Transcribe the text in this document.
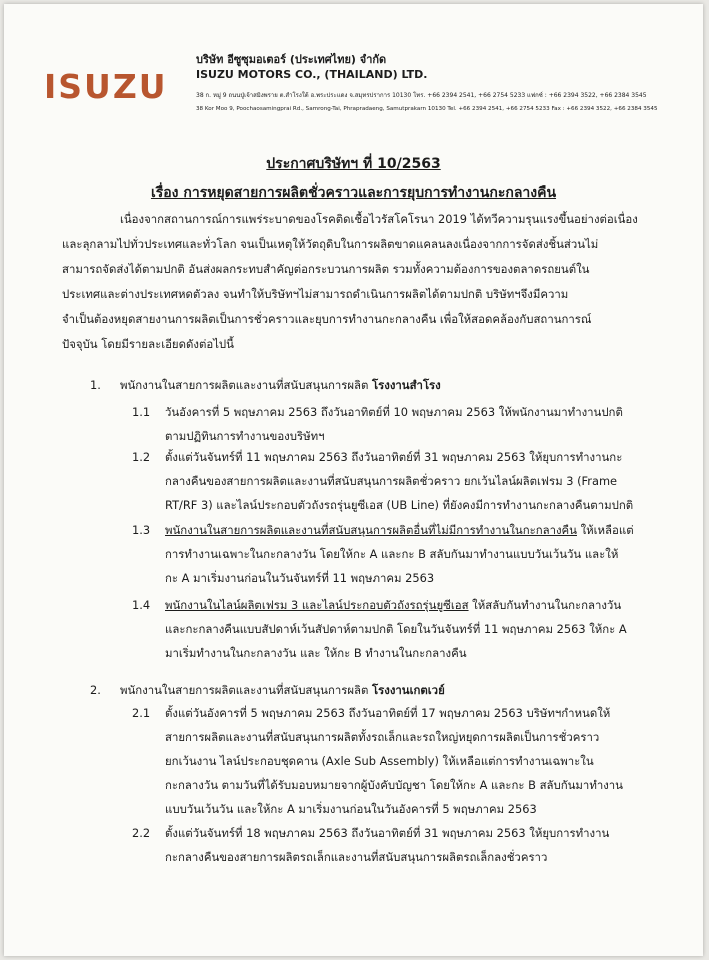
ISUZU
บริษัท อีซูซุมอเตอร์ (ประเทศไทย) จำกัด
ISUZU MOTORS CO., (THAILAND) LTD.
38 ก. หมู่ 9 ถนนปู่เจ้าสมิงพราย ต.สำโรงใต้ อ.พระประแดง จ.สมุทรปราการ 10130 โทร. +66 2394 2541, +66 2754 5233 แฟกซ์ : +66 2394 3522, +66 2384 3545
38 Kor Moo 9, Poochaosamingprai Rd., Samrong-Tai, Phrapradaeng, Samutprakarn 10130 Tel. +66 2394 2541, +66 2754 5233 Fax : +66 2394 3522, +66 2384 3545
ประกาศบริษัทฯ ที่ 10/2563
เรื่อง การหยุดสายการผลิตชั่วคราวและการยุบการทำงานกะกลางคืน
เนื่องจากสถานการณ์การแพร่ระบาดของโรคติดเชื้อไวรัสโคโรนา 2019 ได้ทวีความรุนแรงขึ้นอย่างต่อเนื่อง
และลุกลามไปทั่วประเทศและทั่วโลก จนเป็นเหตุให้วัตถุดิบในการผลิตขาดแคลนลงเนื่องจากการจัดส่งชิ้นส่วนไม่
สามารถจัดส่งได้ตามปกติ อันส่งผลกระทบสำคัญต่อกระบวนการผลิต รวมทั้งความต้องการของตลาดรถยนต์ใน
ประเทศและต่างประเทศหดตัวลง จนทำให้บริษัทฯไม่สามารถดำเนินการผลิตได้ตามปกติ บริษัทฯจึงมีความ
จำเป็นต้องหยุดสายงานการผลิตเป็นการชั่วคราวและยุบการทำงานกะกลางคืน เพื่อให้สอดคล้องกับสถานการณ์
ปัจจุบัน โดยมีรายละเอียดดังต่อไปนี้
1.	พนักงานในสายการผลิตและงานที่สนับสนุนการผลิต โรงงานสำโรง
1.1	วันอังคารที่ 5 พฤษภาคม 2563 ถึงวันอาทิตย์ที่ 10 พฤษภาคม 2563 ให้พนักงานมาทำงานปกติ
ตามปฏิทินการทำงานของบริษัทฯ
1.2	ตั้งแต่วันจันทร์ที่ 11 พฤษภาคม 2563 ถึงวันอาทิตย์ที่ 31 พฤษภาคม 2563 ให้ยุบการทำงานกะ
กลางคืนของสายการผลิตและงานที่สนับสนุนการผลิตชั่วคราว ยกเว้นไลน์ผลิตเฟรม 3 (Frame
RT/RF 3) และไลน์ประกอบตัวถังรถรุ่นยูซีเอส (UB Line) ที่ยังคงมีการทำงานกะกลางคืนตามปกติ
1.3	พนักงานในสายการผลิตและงานที่สนับสนุนการผลิตอื่นที่ไม่มีการทำงานในกะกลางคืน ให้เหลือแต่
การทำงานเฉพาะในกะกลางวัน โดยให้กะ A และกะ B สลับกันมาทำงานแบบวันเว้นวัน และให้
กะ A มาเริ่มงานก่อนในวันจันทร์ที่ 11 พฤษภาคม 2563
1.4	พนักงานในไลน์ผลิตเฟรม 3 และไลน์ประกอบตัวถังรถรุ่นยูซีเอส ให้สลับกันทำงานในกะกลางวัน
และกะกลางคืนแบบสัปดาห์เว้นสัปดาห์ตามปกติ โดยในวันจันทร์ที่ 11 พฤษภาคม 2563 ให้กะ A
มาเริ่มทำงานในกะกลางวัน และ ให้กะ B ทำงานในกะกลางคืน
2.	พนักงานในสายการผลิตและงานที่สนับสนุนการผลิต โรงงานเกตเวย์
2.1	ตั้งแต่วันอังคารที่ 5 พฤษภาคม 2563 ถึงวันอาทิตย์ที่ 17 พฤษภาคม 2563 บริษัทฯกำหนดให้
สายการผลิตและงานที่สนับสนุนการผลิตทั้งรถเล็กและรถใหญ่หยุดการผลิตเป็นการชั่วคราว
ยกเว้นงาน ไลน์ประกอบชุดคาน (Axle Sub Assembly) ให้เหลือแต่การทำงานเฉพาะใน
กะกลางวัน ตามวันที่ได้รับมอบหมายจากผู้บังคับบัญชา โดยให้กะ A และกะ B สลับกันมาทำงาน
แบบวันเว้นวัน และให้กะ A มาเริ่มงานก่อนในวันอังคารที่ 5 พฤษภาคม 2563
2.2	ตั้งแต่วันจันทร์ที่ 18 พฤษภาคม 2563 ถึงวันอาทิตย์ที่ 31 พฤษภาคม 2563 ให้ยุบการทำงาน
กะกลางคืนของสายการผลิตรถเล็กและงานที่สนับสนุนการผลิตรถเล็กลงชั่วคราว
